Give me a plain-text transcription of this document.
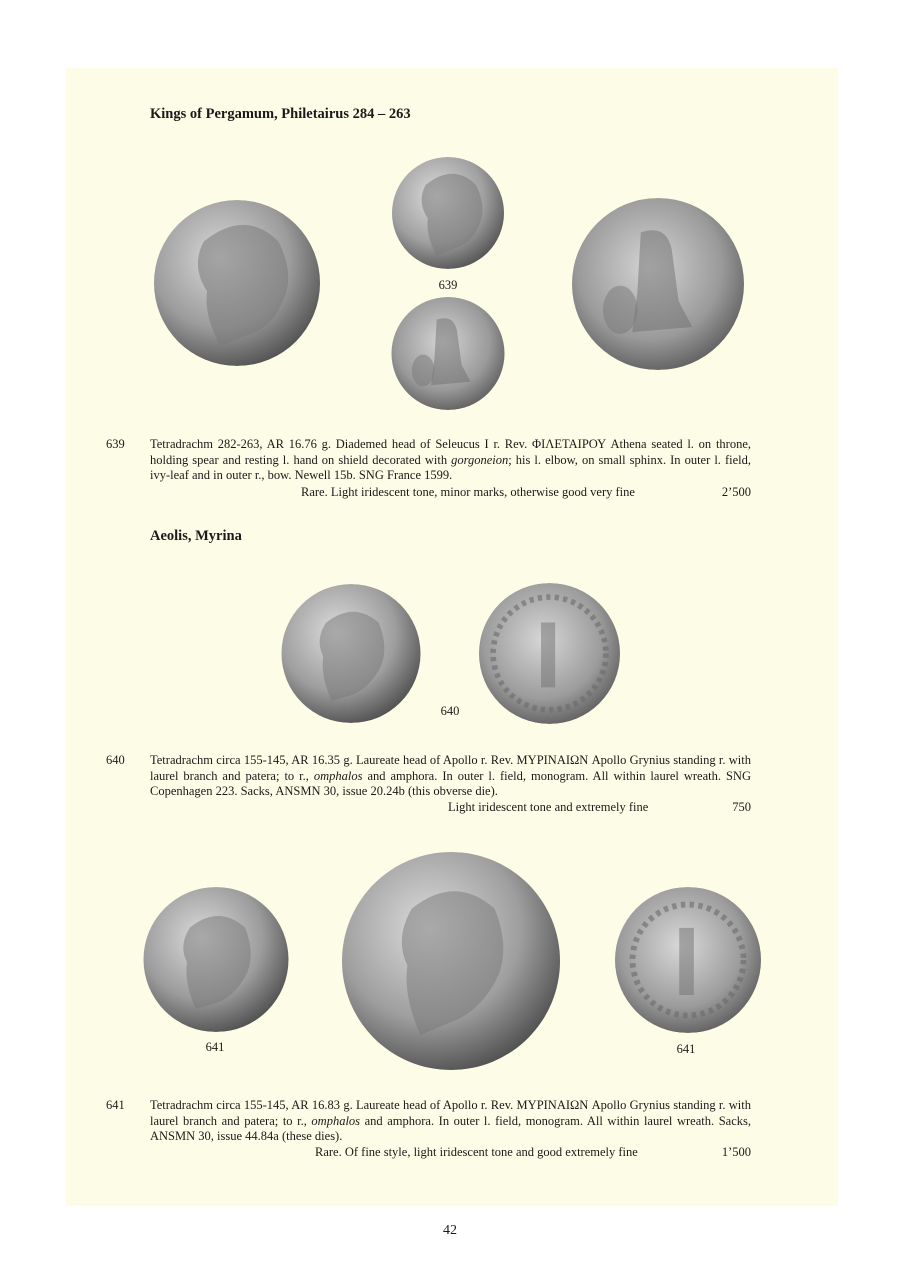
Kings of Pergamum, Philetairus 284 – 263
639
639 Tetradrachm 282-263, AR 16.76 g. Diademed head of Seleucus I r. Rev. ΦΙΛΕΤΑΙΡΟΥ Athena seated l. on throne, holding spear and resting l. hand on shield decorated with gorgoneion; his l. elbow, on small sphinx. In outer l. field, ivy-leaf and in outer r., bow. Newell 15b. SNG France 1599.
Rare. Light iridescent tone, minor marks, otherwise good very fine	2’500
Aeolis, Myrina
640
640 Tetradrachm circa 155-145, AR 16.35 g. Laureate head of Apollo r. Rev. ΜΥΡΙΝΑΙΩΝ Apollo Grynius standing r. with laurel branch and patera; to r., omphalos and amphora. In outer l. field, monogram. All within laurel wreath. SNG Copenhagen 223. Sacks, ANSMN 30, issue 20.24b (this obverse die).
Light iridescent tone and extremely fine	750
641	641
641 Tetradrachm circa 155-145, AR 16.83 g. Laureate head of Apollo r. Rev. ΜΥΡΙΝΑΙΩΝ Apollo Grynius standing r. with laurel branch and patera; to r., omphalos and amphora. In outer l. field, monogram. All within laurel wreath. Sacks, ANSMN 30, issue 44.84a (these dies).
Rare. Of fine style, light iridescent tone and good extremely fine	1’500
42
